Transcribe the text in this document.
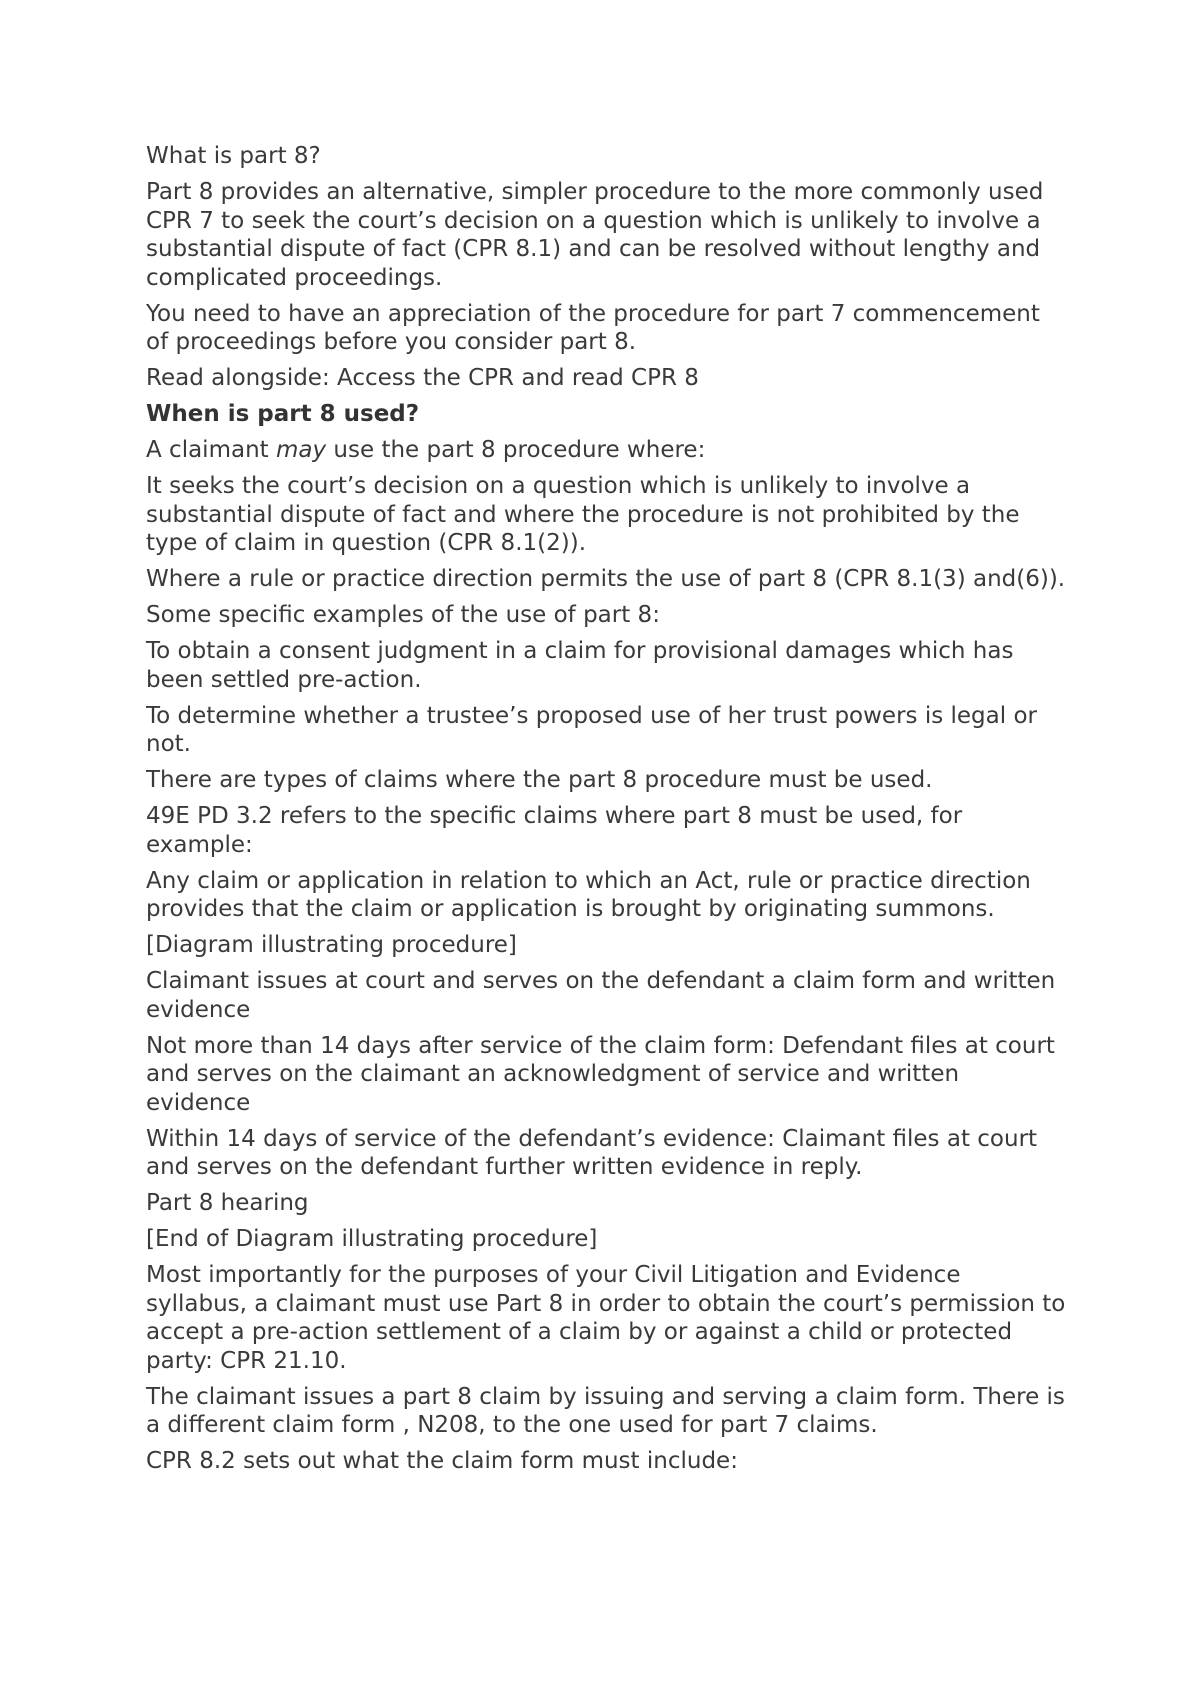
What is part 8?

Part 8 provides an alternative, simpler procedure to the more commonly used CPR 7 to seek the court’s decision on a question which is unlikely to involve a substantial dispute of fact (CPR 8.1) and can be resolved without lengthy and complicated proceedings.

You need to have an appreciation of the procedure for part 7 commencement of proceedings before you consider part 8.

Read alongside: Access the CPR and read CPR 8

When is part 8 used?

A claimant may use the part 8 procedure where:

It seeks the court’s decision on a question which is unlikely to involve a substantial dispute of fact and where the procedure is not prohibited by the type of claim in question (CPR 8.1(2)).

Where a rule or practice direction permits the use of part 8 (CPR 8.1(3) and(6)).

Some specific examples of the use of part 8:

To obtain a consent judgment in a claim for provisional damages which has been settled pre-action.

To determine whether a trustee’s proposed use of her trust powers is legal or not.

There are types of claims where the part 8 procedure must be used.

49E PD 3.2 refers to the specific claims where part 8 must be used, for example:

Any claim or application in relation to which an Act, rule or practice direction provides that the claim or application is brought by originating summons.

[Diagram illustrating procedure]

Claimant issues at court and serves on the defendant a claim form and written evidence

Not more than 14 days after service of the claim form: Defendant files at court and serves on the claimant an acknowledgment of service and written evidence

Within 14 days of service of the defendant’s evidence: Claimant files at court and serves on the defendant further written evidence in reply.

Part 8 hearing

[End of Diagram illustrating procedure]

Most importantly for the purposes of your Civil Litigation and Evidence syllabus, a claimant must use Part 8 in order to obtain the court’s permission to accept a pre-action settlement of a claim by or against a child or protected party: CPR 21.10.

The claimant issues a part 8 claim by issuing and serving a claim form. There is a different claim form , N208, to the one used for part 7 claims.

CPR 8.2 sets out what the claim form must include:
